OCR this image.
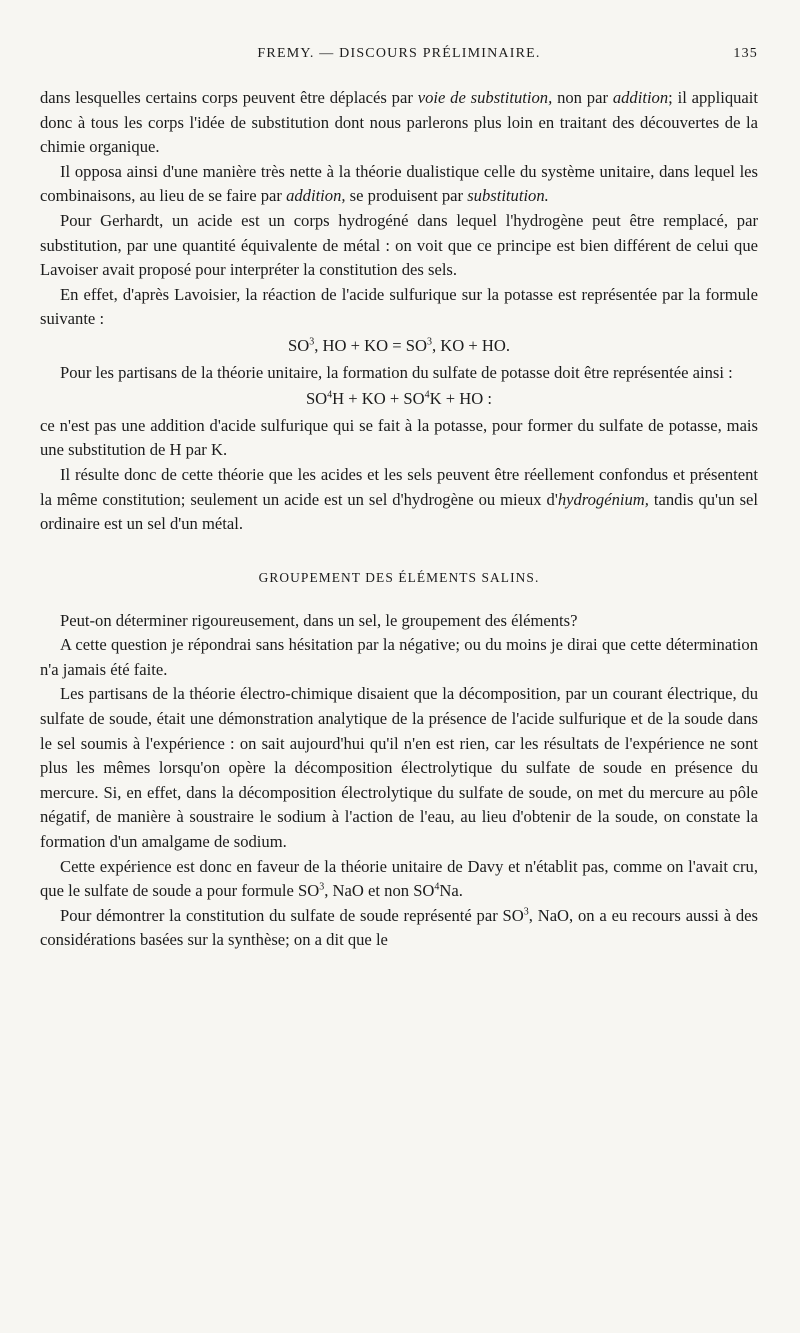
FREMY. — DISCOURS PRÉLIMINAIRE.	135

dans lesquelles certains corps peuvent être déplacés par voie de substitution, non par addition; il appliquait donc à tous les corps l'idée de substitution dont nous parlerons plus loin en traitant des découvertes de la chimie organique.

Il opposa ainsi d'une manière très nette à la théorie dualistique celle du système unitaire, dans lequel les combinaisons, au lieu de se faire par addition, se produisent par substitution.

Pour Gerhardt, un acide est un corps hydrogéné dans lequel l'hydrogène peut être remplacé, par substitution, par une quantité équivalente de métal : on voit que ce principe est bien différent de celui que Lavoiser avait proposé pour interpréter la constitution des sels.

En effet, d'après Lavoisier, la réaction de l'acide sulfurique sur la potasse est représentée par la formule suivante :

$SO^3$, HO + KO = $SO^3$, KO + HO.

Pour les partisans de la théorie unitaire, la formation du sulfate de potasse doit être représentée ainsi :

$SO^4H$ + KO + $SO^4K$ + HO :

ce n'est pas une addition d'acide sulfurique qui se fait à la potasse, pour former du sulfate de potasse, mais une substitution de H par K.

Il résulte donc de cette théorie que les acides et les sels peuvent être réellement confondus et présentent la même constitution; seulement un acide est un sel d'hydrogène ou mieux d'hydrogénium, tandis qu'un sel ordinaire est un sel d'un métal.

GROUPEMENT DES ÉLÉMENTS SALINS.

Peut-on déterminer rigoureusement, dans un sel, le groupement des éléments?

A cette question je répondrai sans hésitation par la négative; ou du moins je dirai que cette détermination n'a jamais été faite.

Les partisans de la théorie électro-chimique disaient que la décomposition, par un courant électrique, du sulfate de soude, était une démonstration analytique de la présence de l'acide sulfurique et de la soude dans le sel soumis à l'expérience : on sait aujourd'hui qu'il n'en est rien, car les résultats de l'expérience ne sont plus les mêmes lorsqu'on opère la décomposition électrolytique du sulfate de soude en présence du mercure. Si, en effet, dans la décomposition électrolytique du sulfate de soude, on met du mercure au pôle négatif, de manière à soustraire le sodium à l'action de l'eau, au lieu d'obtenir de la soude, on constate la formation d'un amalgame de sodium.

Cette expérience est donc en faveur de la théorie unitaire de Davy et n'établit pas, comme on l'avait cru, que le sulfate de soude a pour formule $SO^3$, NaO et non $SO^4Na$.

Pour démontrer la constitution du sulfate de soude représenté par $SO^3$, NaO, on a eu recours aussi à des considérations basées sur la synthèse; on a dit que le
